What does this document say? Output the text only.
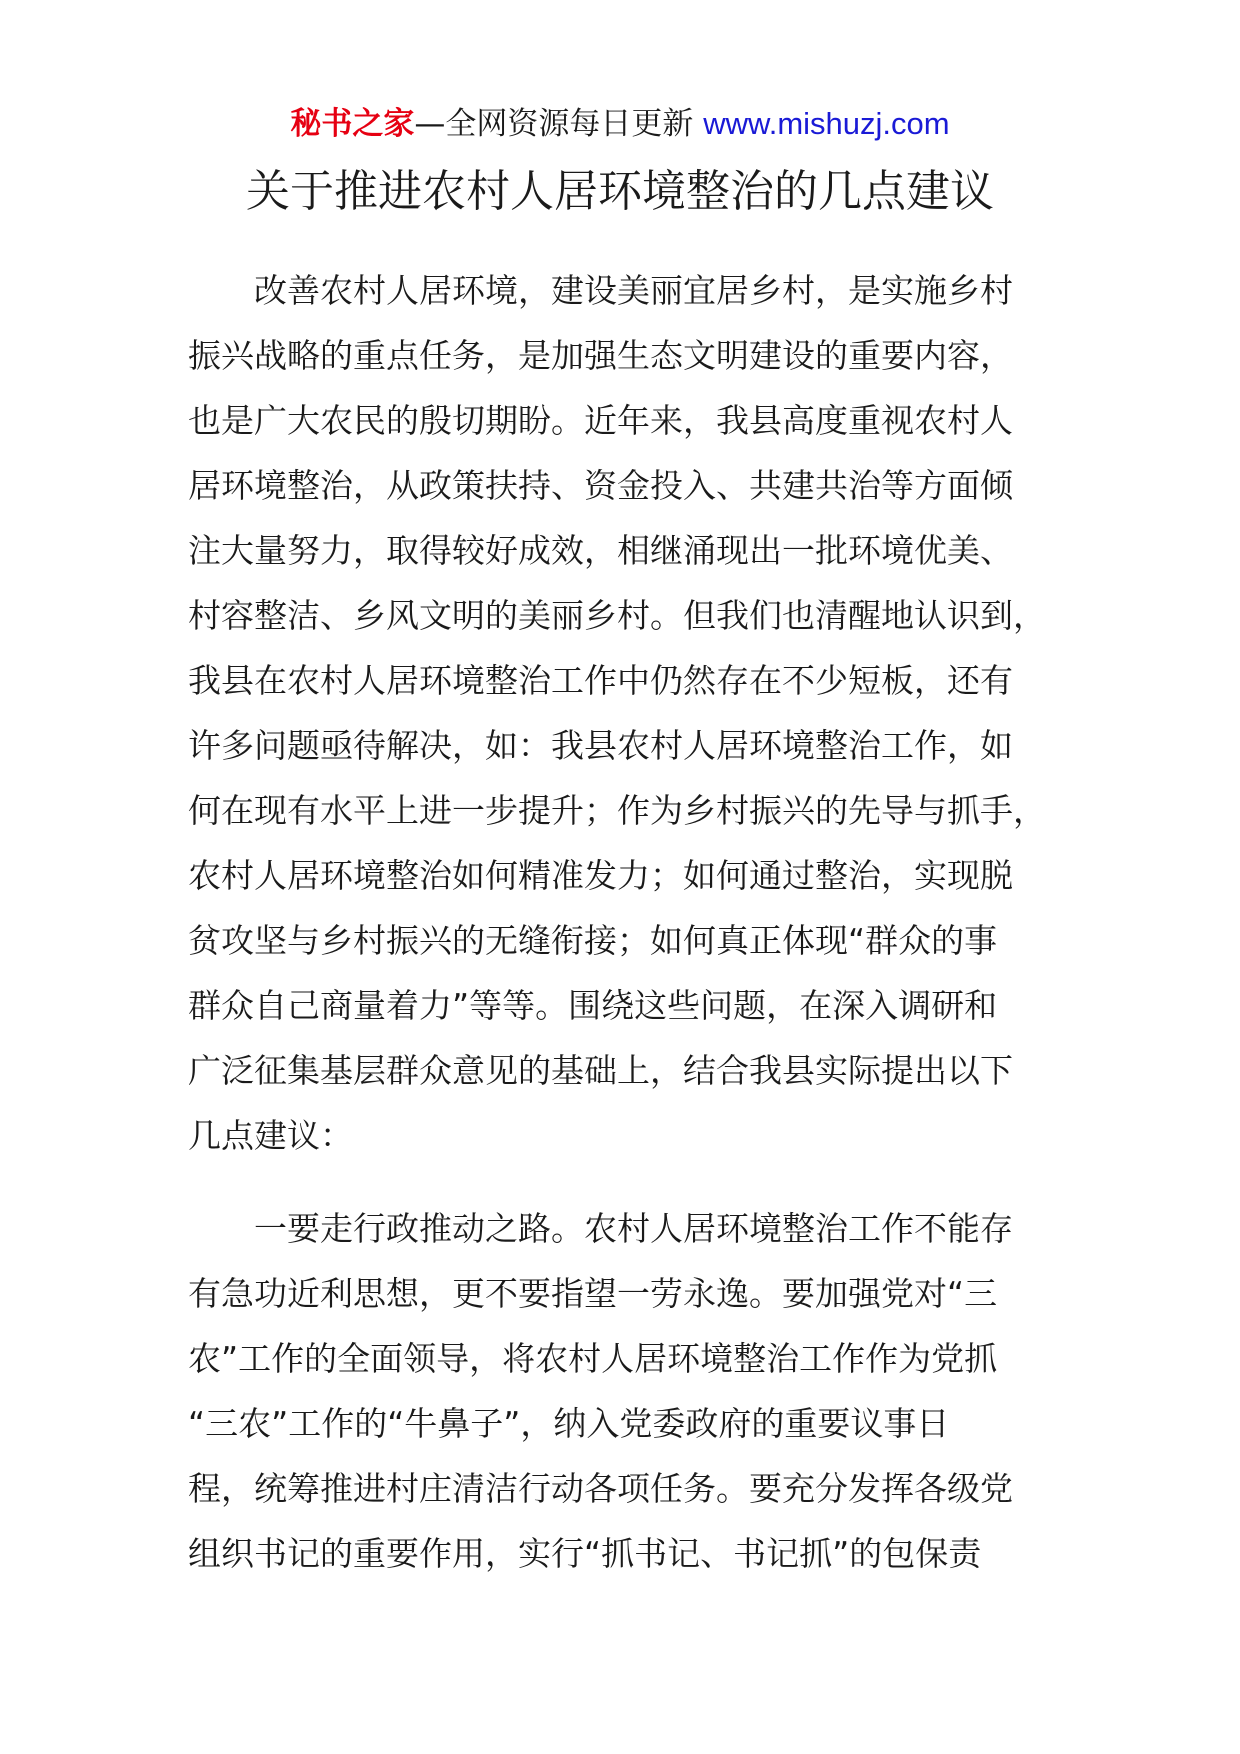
秘书之家—全网资源每日更新 www.mishuzj.com
关于推进农村人居环境整治的几点建议

改善农村人居环境，建设美丽宜居乡村，是实施乡村
振兴战略的重点任务，是加强生态文明建设的重要内容，
也是广大农民的殷切期盼。近年来，我县高度重视农村人
居环境整治，从政策扶持、资金投入、共建共治等方面倾
注大量努力，取得较好成效，相继涌现出一批环境优美、
村容整洁、乡风文明的美丽乡村。但我们也清醒地认识到，
我县在农村人居环境整治工作中仍然存在不少短板，还有
许多问题亟待解决，如：我县农村人居环境整治工作，如
何在现有水平上进一步提升；作为乡村振兴的先导与抓手，
农村人居环境整治如何精准发力；如何通过整治，实现脱
贫攻坚与乡村振兴的无缝衔接；如何真正体现“群众的事
群众自己商量着力”等等。围绕这些问题，在深入调研和
广泛征集基层群众意见的基础上，结合我县实际提出以下
几点建议：

一要走行政推动之路。农村人居环境整治工作不能存
有急功近利思想，更不要指望一劳永逸。要加强党对“三
农”工作的全面领导，将农村人居环境整治工作作为党抓
“三农”工作的“牛鼻子”，纳入党委政府的重要议事日
程，统筹推进村庄清洁行动各项任务。要充分发挥各级党
组织书记的重要作用，实行“抓书记、书记抓”的包保责
